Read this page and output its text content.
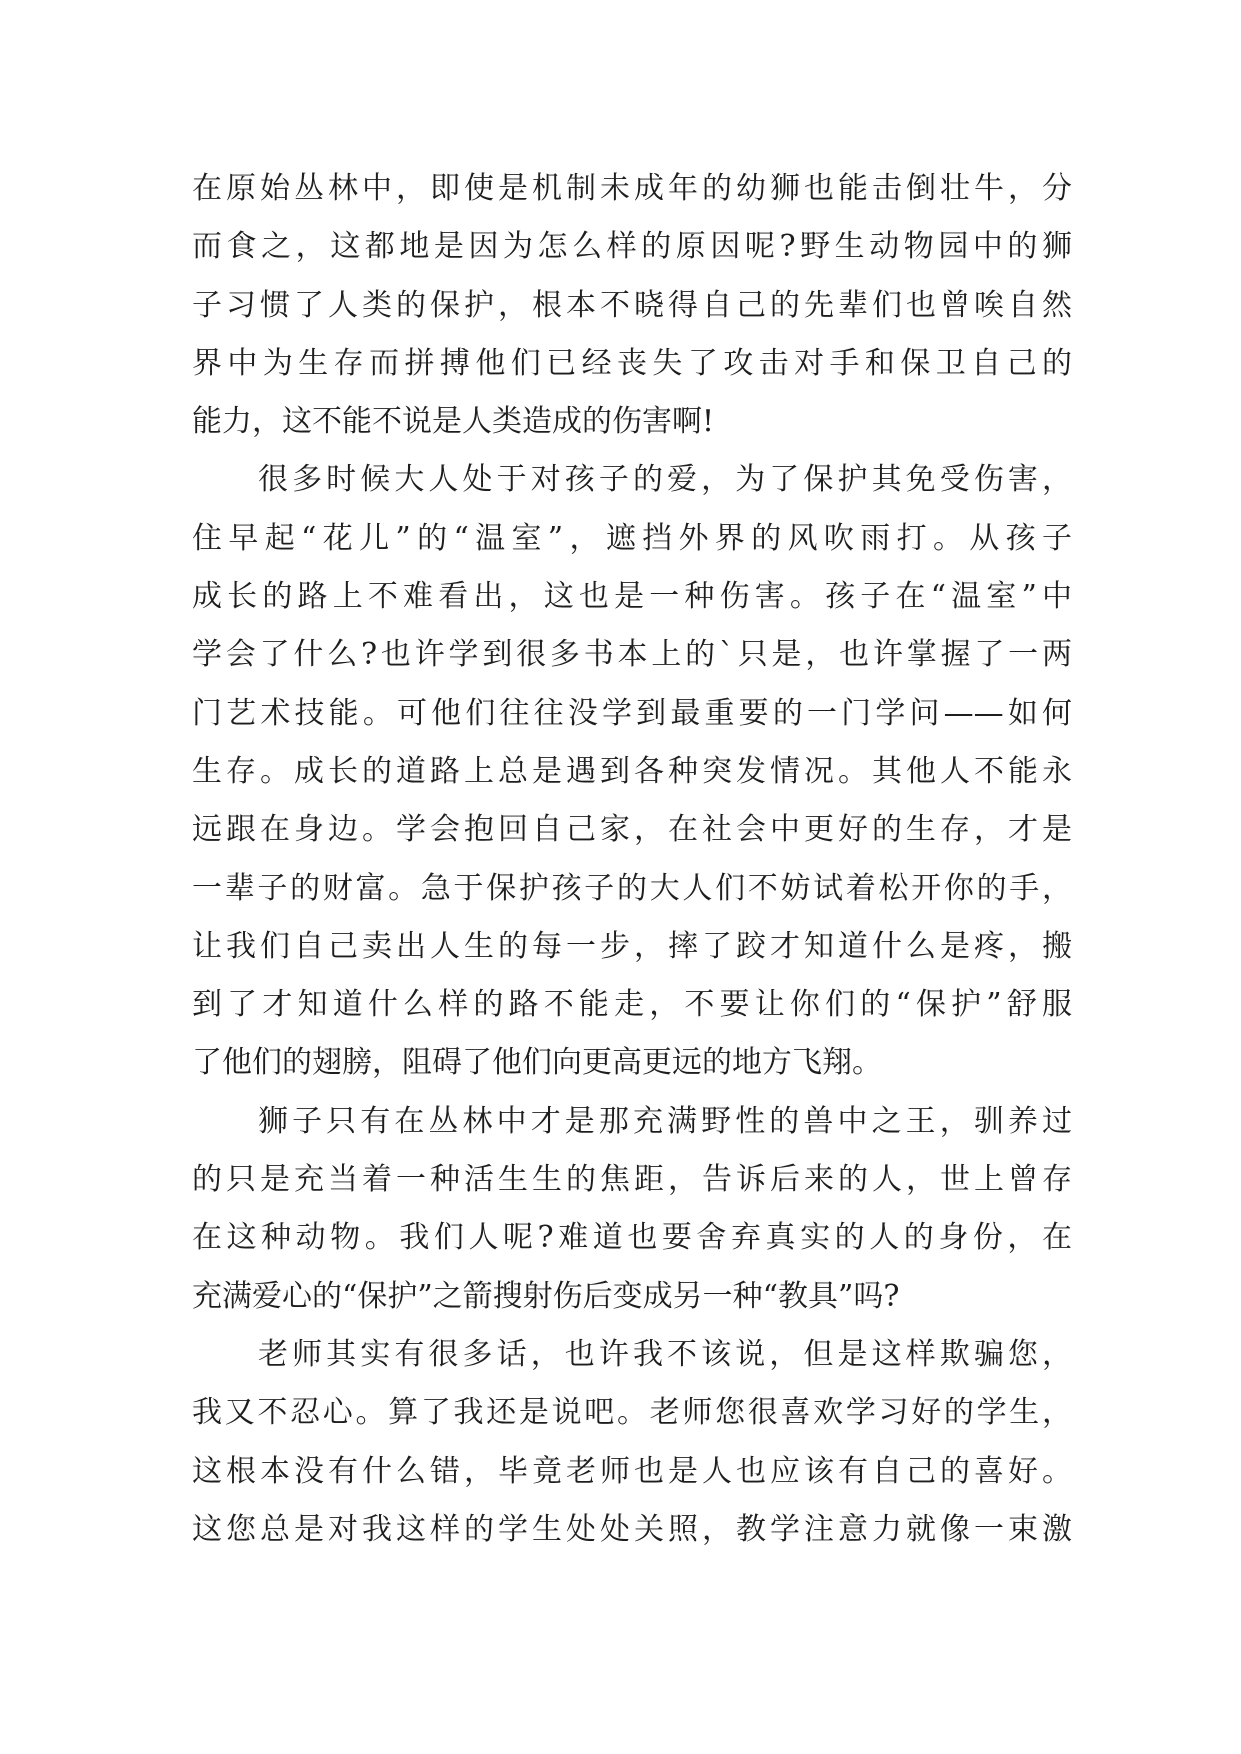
在原始丛林中，即使是机制未成年的幼狮也能击倒壮牛，分
而食之，这都地是因为怎么样的原因呢?野生动物园中的狮
子习惯了人类的保护，根本不晓得自己的先辈们也曾唉自然
界中为生存而拼搏他们已经丧失了攻击对手和保卫自己的
能力，这不能不说是人类造成的伤害啊!
很多时候大人处于对孩子的爱，为了保护其免受伤害，
住早起“花儿”的“温室”，遮挡外界的风吹雨打。从孩子
成长的路上不难看出，这也是一种伤害。孩子在“温室”中
学会了什么?也许学到很多书本上的`只是，也许掌握了一两
门艺术技能。可他们往往没学到最重要的一门学问——如何
生存。成长的道路上总是遇到各种突发情况。其他人不能永
远跟在身边。学会抱回自己家，在社会中更好的生存，才是
一辈子的财富。急于保护孩子的大人们不妨试着松开你的手，
让我们自己卖出人生的每一步，摔了跤才知道什么是疼，搬
到了才知道什么样的路不能走，不要让你们的“保护”舒服
了他们的翅膀，阻碍了他们向更高更远的地方飞翔。
狮子只有在丛林中才是那充满野性的兽中之王，驯养过
的只是充当着一种活生生的焦距，告诉后来的人，世上曾存
在这种动物。我们人呢?难道也要舍弃真实的人的身份，在
充满爱心的“保护”之箭搜射伤后变成另一种“教具”吗?
老师其实有很多话，也许我不该说，但是这样欺骗您，
我又不忍心。算了我还是说吧。老师您很喜欢学习好的学生，
这根本没有什么错，毕竟老师也是人也应该有自己的喜好。
这您总是对我这样的学生处处关照，教学注意力就像一束激
